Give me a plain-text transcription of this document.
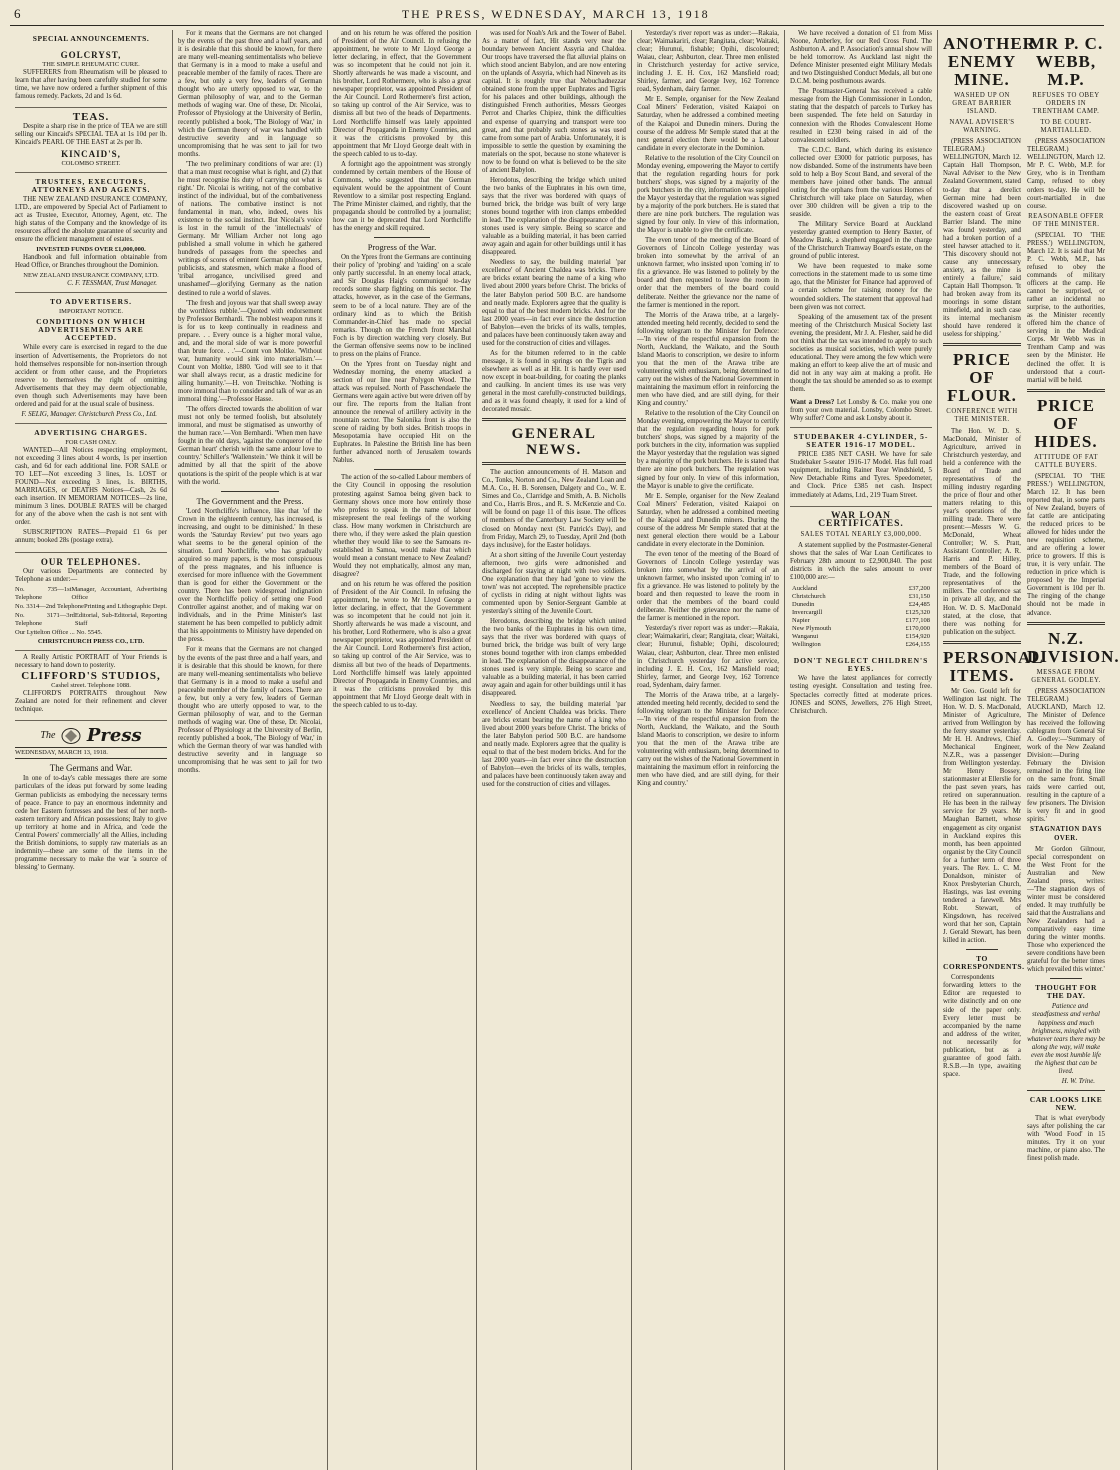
6	THE PRESS, WEDNESDAY, MARCH 13, 1918
SPECIAL ANNOUNCEMENTS.
GOLCRYST,
THE SIMPLE RHEUMATIC CURE.

SUFFERERS from Rheumatism will be pleased to learn that after having been carefully studied for some time, we have now ordered a further shipment of this famous remedy. Packets, 2d and 1s 6d.

TEAS.

Despite a sharp rise in the price of TEA we are still selling our Kincaid's SPECIAL TEA at 1s 10d per lb. Kincaid's PEARL OF THE EAST at 2s per lb.

KINCAID'S,
COLOMBO STREET.
TRUSTEES, EXECUTORS, ATTORNEYS AND AGENTS.

THE NEW ZEALAND INSURANCE COMPANY, LTD., are empowered by Special Act of Parliament to act as Trustee, Executor, Attorney, Agent, etc. The high status of the Company and the knowledge of its resources afford the absolute guarantee of security and ensure the efficient management of estates.

INVESTED FUNDS OVER £1,000,000.

Handbook and full information obtainable from Head Office, or Branches throughout the Dominion.

NEW ZEALAND INSURANCE COMPANY, LTD.
C. F. TESSMAN, Trust Manager.
TO ADVERTISERS.
IMPORTANT NOTICE.
CONDITIONS ON WHICH ADVERTISEMENTS ARE ACCEPTED.

While every care is exercised in regard to the due insertion of Advertisements, the Proprietors do not hold themselves responsible for non-insertion through accident or from other cause, and the Proprietors reserve to themselves the right of omitting Advertisements that they may deem objectionable, even though such Advertisements may have been ordered and paid for at the usual scale of business.

F. SELIG, Manager. Christchurch Press Co., Ltd.
ADVERTISING CHARGES.
FOR CASH ONLY.

WANTED—All Notices respecting employment, not exceeding 3 lines about 4 words, 1s per insertion cash, and 6d for each additional line. FOR SALE or TO LET—Not exceeding 3 lines, 1s. LOST or FOUND—Not exceeding 3 lines, 1s. BIRTHS, MARRIAGES, or DEATHS Notices—Cash, 2s 6d each insertion. IN MEMORIAM NOTICES—2s line, minimum 3 lines. DOUBLE RATES will be charged for any of the above when the cash is not sent with order.

SUBSCRIPTION RATES—Prepaid £1 6s per annum; booked 28s (postage extra).

OUR TELEPHONES.

Our various Departments are connected by Telephone as under:—

No. 735—1st Telephone
Manager, Accountant, Advertising Office
No. 3314—2nd Telephone Printing and Lithographic Dept.
No. 3171—3rd Telephone
Editorial, Sub-Editorial, Reporting Staff
Our Lyttelton Office ... No. 5545.
CHRISTCHURCH PRESS CO., LTD.

A Really Artistic PORTRAIT of Your Friends is necessary to hand down to posterity.

CLIFFORD'S STUDIOS,
Cashel street. Telephone 1088.

CLIFFORD'S PORTRAITS throughout New Zealand are noted for their refinement and clever technique.

The Press
WEDNESDAY, MARCH 13, 1918.
The Germans and War.

In one of to-day's cable messages there are some particulars of the ideas put forward by some leading German publicists as embodying the necessary terms of peace. France to pay an enormous indemnity and cede her Eastern fortresses and the best of her north-eastern territory and African possessions; Italy to give up territory at home and in Africa, and 'cede the Central Powers' commercially' all the Allies, including the British dominions, to supply raw materials as an indemnity—these are some of the items in the programme necessary to make the war 'a source of blessing' to Germany.

For it means that the Germans are not changed by the events of the past three and a half years, and it is desirable that this should be known, for there are many well-meaning sentimentalists who believe that Germany is in a mood to make a useful and peaceable member of the family of races. There are a few, but only a very few, leaders of German thought who are utterly opposed to war, to the German philosophy of war, and to the German methods of waging war. One of these, Dr. Nicolai, Professor of Physiology at the University of Berlin, recently published a book, 'The Biology of War,' in which the German theory of war was handled with destructive severity and in language so uncompromising that he was sent to jail for two months.

'The two preliminary conditions of war are: (1) that a man must recognise what is right, and (2) that he must recognise his duty of carrying out what is right.' Dr. Nicolai is writing, not of the combative instinct of the individual, but of the combativeness of nations. The combative instinct is not fundamental in man, who, indeed, owes his existence to the social instinct. But Nicolai's voice is lost in the tumult of the 'intellectuals' of Germany. Mr William Archer not long ago published a small volume in which he gathered hundreds of passages from the speeches and writings of scores of eminent German philosophers, publicists, and statesmen, which make a flood of 'tribal arrogance, uncivilised greed and unashamed'—glorifying Germany as the nation destined to rule a world of slaves.

'The fresh and joyous war that shall sweep away the worthless rubble.'—Quoted with endorsement by Professor Bernhardi. 'The noblest weapon runs it is for us to keep continually in readiness and prepare. . . Every ounce is a higher moral value, and, and the moral side of war is more powerful than brute force. . .'—Count von Moltke. 'Without war, humanity would sink into materialism.'—Count von Moltke, 1880. 'God will see to it that war shall always recur, as a drastic medicine for ailing humanity.'—H. von Treitschke. 'Nothing is more immoral than to consider and talk of war as an immoral thing.'—Professor Hasse.

'The offers directed towards the abolition of war must not only be termed foolish, but absolutely immoral, and must be stigmatised as unworthy of the human race.'—Von Bernhardi. 'When men have fought in the old days, 'against the conqueror of the German heart' cherish with the same ardour love to country.' Schiller's 'Wallenstein.' We think it will be admitted by all that the spirit of the above quotations is the spirit of the people which is at war with the world.

The Government and the Press.

'Lord Northcliffe's influence, like that 'of the Crown in the eighteenth century, has increased, is increasing, and ought to be diminished.' In these words the 'Saturday Review' put two years ago what seems to be the general opinion of the situation. Lord Northcliffe, who has gradually acquired so many papers, is the most conspicuous of the press magnates, and his influence is exercised for more influence with the Government than is good for either the Government or the country. There has been widespread indignation over the Northcliffe policy of setting one Food Controller against another, and of making war on individuals, and in the Prime Minister's last statement he has been compelled to publicly admit that his appointments to Ministry have depended on the press.

For it means that the Germans are not changed by the events of the past three and a half years, and it is desirable that this should be known, for there are many well-meaning sentimentalists who believe that Germany is in a mood to make a useful and peaceable member of the family of races. There are a few, but only a very few, leaders of German thought who are utterly opposed to war, to the German philosophy of war, and to the German methods of waging war. One of these, Dr. Nicolai, Professor of Physiology at the University of Berlin, recently published a book, 'The Biology of War,' in which the German theory of war was handled with destructive severity and in language so uncompromising that he was sent to jail for two months.

and on his return he was offered the position of President of the Air Council. In refusing the appointment, he wrote to Mr Lloyd George a letter declaring, in effect, that the Government was so incompetent that he could not join it. Shortly afterwards he was made a viscount, and his brother, Lord Rothermere, who is also a great newspaper proprietor, was appointed President of the Air Council. Lord Rothermere's first action, so taking up control of the Air Service, was to dismiss all but two of the heads of Departments. Lord Northcliffe himself was lately appointed Director of Propaganda in Enemy Countries, and it was the criticisms provoked by this appointment that Mr Lloyd George dealt with in the speech cabled to us to-day.

A fortnight ago the appointment was strongly condemned by certain members of the House of Commons, who suggested that the German equivalent would be the appointment of Count Reventlow to a similar post respecting England. The Prime Minister claimed, and rightly, that the propaganda should be controlled by a journalist; how can it be deprecated that Lord Northcliffe has the energy and skill required.

Progress of the War.

On the Ypres front the Germans are continuing their policy of 'probing' and 'raiding' on a scale only partly successful. In an enemy local attack, and Sir Douglas Haig's communiqué to-day records some sharp fighting on this sector. The attacks, however, as in the case of the Germans, seem to be of a local nature. They are of the ordinary kind as to which the British Commander-in-Chief has made no special remarks. Though on the French front Marshal Foch is by direction watching very closely. But the German offensive seems now to be inclined to press on the plains of France.

On the Ypres front on Tuesday night and Wednesday morning, the enemy attacked a section of our line near Polygon Wood. The attack was repulsed. North of Passchendaele the Germans were again active but were driven off by our fire. The reports from the Italian front announce the renewal of artillery activity in the mountain sector. The Salonika front is also the scene of raiding by both sides. British troops in Mesopotamia have occupied Hit on the Euphrates. In Palestine the British line has been further advanced north of Jerusalem towards Nablus.

The action of the so-called Labour members of the City Council in opposing the resolution protesting against Samoa being given back to Germany shows once more how entirely those who profess to speak in the name of labour misrepresent the real feelings of the working class. How many workmen in Christchurch are there who, if they were asked the plain question whether they would like to see the Samoans re-established in Samoa, would make that which would mean a constant menace to New Zealand? Would they not emphatically, almost any man, disagree?

and on his return he was offered the position of President of the Air Council. In refusing the appointment, he wrote to Mr Lloyd George a letter declaring, in effect, that the Government was so incompetent that he could not join it. Shortly afterwards he was made a viscount, and his brother, Lord Rothermere, who is also a great newspaper proprietor, was appointed President of the Air Council. Lord Rothermere's first action, so taking up control of the Air Service, was to dismiss all but two of the heads of Departments. Lord Northcliffe himself was lately appointed Director of Propaganda in Enemy Countries, and it was the criticisms provoked by this appointment that Mr Lloyd George dealt with in the speech cabled to us to-day.

was used for Noah's Ark and the Tower of Babel. As a matter of fact, Hit stands very near the boundary between Ancient Assyria and Chaldea. Our troops have traversed the flat alluvial plains on which stood ancient Babylon, and are now entering on the uplands of Assyria, which had Nineveh as its capital. It is roughly true that Nebuchadnezzar obtained stone from the upper Euphrates and Tigris for his palaces and other buildings, although the distinguished French authorities, Messrs Georges Perrot and Charles Chipiez, think the difficulties and expense of quarrying and transport were too great, and that probably such stones as was used came from some part of Arabia. Unfortunately, it is impossible to settle the question by examining the materials on the spot, because no stone whatever is now to be found on what is believed to be the site of ancient Babylon.

Herodotus, describing the bridge which united the two banks of the Euphrates in his own time, says that the river was bordered with quays of burned brick, the bridge was built of very large stones bound together with iron clamps embedded in lead. The explanation of the disappearance of the stones used is very simple. Being so scarce and valuable as a building material, it has been carried away again and again for other buildings until it has disappeared.

Needless to say, the building material 'par excellence' of Ancient Chaldea was bricks. There are bricks extant bearing the name of a king who lived about 2000 years before Christ. The bricks of the later Babylon period 500 B.C. are handsome and neatly made. Explorers agree that the quality is equal to that of the best modern bricks. And for the last 2000 years—in fact ever since the destruction of Babylon—even the bricks of its walls, temples, and palaces have been continuously taken away and used for the construction of cities and villages.

As for the bitumen referred to in the cable message, it is found in springs on the Tigris and elsewhere as well as at Hit. It is hardly ever used now except in boat-building, for coating the planks and caulking. In ancient times its use was very general in the most carefully-constructed buildings, and as it was found cheaply, it used for a kind of decorated mosaic.

GENERAL NEWS.

The auction announcements of H. Matson and Co., Tonks, Norton and Co., New Zealand Loan and M.A. Co., H. B. Sorensen, Dalgety and Co., W. E. Simes and Co., Clarridge and Smith, A. B. Nicholls and Co., Harris Bros., and R. S. McKenzie and Co. will be found on page 11 of this issue. The offices of members of the Canterbury Law Society will be closed on Monday next (St. Patrick's Day), and from Friday, March 29, to Tuesday, April 2nd (both days inclusive), for the Easter holidays.

At a short sitting of the Juvenile Court yesterday afternoon, two girls were admonished and discharged for staying at night with two soldiers. One explanation that they had 'gone to view the town' was not accepted. The reprehensible practice of cyclists in riding at night without lights was commented upon by Senior-Sergeant Gamble at yesterday's sitting of the Juvenile Court.

Herodotus, describing the bridge which united the two banks of the Euphrates in his own time, says that the river was bordered with quays of burned brick, the bridge was built of very large stones bound together with iron clamps embedded in lead. The explanation of the disappearance of the stones used is very simple. Being so scarce and valuable as a building material, it has been carried away again and again for other buildings until it has disappeared.

Needless to say, the building material 'par excellence' of Ancient Chaldea was bricks. There are bricks extant bearing the name of a king who lived about 2000 years before Christ. The bricks of the later Babylon period 500 B.C. are handsome and neatly made. Explorers agree that the quality is equal to that of the best modern bricks. And for the last 2000 years—in fact ever since the destruction of Babylon—even the bricks of its walls, temples, and palaces have been continuously taken away and used for the construction of cities and villages.

Yesterday's river report was as under:—Rakaia, clear; Waimakariri, clear; Rangitata, clear; Waitaki, clear; Hurunui, fishable; Opihi, discoloured; Waiau, clear; Ashburton, clear. Three men enlisted in Christchurch yesterday for active service, including J. E. H. Cox, 162 Mansfield road; Shirley, farmer, and George Ivey, 162 Torrence road, Sydenham, dairy farmer.

Mr E. Semple, organiser for the New Zealand Coal Miners' Federation, visited Kaiapoi on Saturday, when he addressed a combined meeting of the Kaiapoi and Dunedin miners. During the course of the address Mr Semple stated that at the next general election there would be a Labour candidate in every electorate in the Dominion.

Relative to the resolution of the City Council on Monday evening, empowering the Mayor to certify that the regulation regarding hours for pork butchers' shops, was signed by a majority of the pork butchers in the city, information was supplied the Mayor yesterday that the regulation was signed by a majority of the pork butchers. He is stated that there are nine pork butchers. The regulation was signed by four only. In view of this information, the Mayor is unable to give the certificate.

The even tenor of the meeting of the Board of Governors of Lincoln College yesterday was broken into somewhat by the arrival of an unknown farmer, who insisted upon 'coming in' to fix a grievance. He was listened to politely by the board and then requested to leave the room in order that the members of the board could deliberate. Neither the grievance nor the name of the farmer is mentioned in the report.

The Morris of the Arawa tribe, at a largely-attended meeting held recently, decided to send the following telegram to the Minister for Defence:—'In view of the respectful expansion from the North, Auckland, the Waikato, and the South Island Maoris to conscription, we desire to inform you that the men of the Arawa tribe are volunteering with enthusiasm, being determined to carry out the wishes of the National Government in maintaining the maximum effort in reinforcing the men who have died, and are still dying, for their King and country.'

Relative to the resolution of the City Council on Monday evening, empowering the Mayor to certify that the regulation regarding hours for pork butchers' shops, was signed by a majority of the pork butchers in the city, information was supplied the Mayor yesterday that the regulation was signed by a majority of the pork butchers. He is stated that there are nine pork butchers. The regulation was signed by four only. In view of this information, the Mayor is unable to give the certificate.

Mr E. Semple, organiser for the New Zealand Coal Miners' Federation, visited Kaiapoi on Saturday, when he addressed a combined meeting of the Kaiapoi and Dunedin miners. During the course of the address Mr Semple stated that at the next general election there would be a Labour candidate in every electorate in the Dominion.

The even tenor of the meeting of the Board of Governors of Lincoln College yesterday was broken into somewhat by the arrival of an unknown farmer, who insisted upon 'coming in' to fix a grievance. He was listened to politely by the board and then requested to leave the room in order that the members of the board could deliberate. Neither the grievance nor the name of the farmer is mentioned in the report.

Yesterday's river report was as under:—Rakaia, clear; Waimakariri, clear; Rangitata, clear; Waitaki, clear; Hurunui, fishable; Opihi, discoloured; Waiau, clear; Ashburton, clear. Three men enlisted in Christchurch yesterday for active service, including J. E. H. Cox, 162 Mansfield road; Shirley, farmer, and George Ivey, 162 Torrence road, Sydenham, dairy farmer.

The Morris of the Arawa tribe, at a largely-attended meeting held recently, decided to send the following telegram to the Minister for Defence:—'In view of the respectful expansion from the North, Auckland, the Waikato, and the South Island Maoris to conscription, we desire to inform you that the men of the Arawa tribe are volunteering with enthusiasm, being determined to carry out the wishes of the National Government in maintaining the maximum effort in reinforcing the men who have died, and are still dying, for their King and country.'

We have received a donation of £1 from Miss Noone, Amberley, for our Red Cross Fund. The Ashburton A. and P. Association's annual show will be held tomorrow. As Auckland last night the Defence Minister presented eight Military Medals and two Distinguished Conduct Medals, all but one D.C.M. being posthumous awards.

The Postmaster-General has received a cable message from the High Commissioner in London, stating that the despatch of parcels to Turkey has been suspended. The fete held on Saturday in connexion with the Rhodes Convalescent Home resulted in £230 being raised in aid of the convalescent soldiers.

The C.D.C. Band, which during its existence collected over £3000 for patriotic purposes, has now disbanded. Some of the instruments have been sold to help a Boy Scout Band, and several of the members have joined other bands. The annual outing for the orphans from the various Homes of Christchurch will take place on Saturday, when over 300 children will be given a trip to the seaside.

The Military Service Board at Auckland yesterday granted exemption to Henry Baxter, of Meadow Bank, a shepherd engaged in the charge of the Christchurch Tramway Board's estate, on the ground of public interest.

We have been requested to make some corrections in the statement made to us some time ago, that the Minister for Finance had approved of a certain scheme for raising money for the wounded soldiers. The statement that approval had been given was not correct.

Speaking of the amusement tax of the present meeting of the Christchurch Musical Society last evening, the president, Mr J. A. Flesher, said he did not think that the tax was intended to apply to such societies as musical societies, which were purely educational. They were among the few which were making an effort to keep alive the art of music and did not in any way aim at making a profit. He thought the tax should be amended so as to exempt them.

Want a Dress? Let Lonsby & Co. make you one from your own material. Lonsby, Colombo Street. Why suffer? Come and ask Lonsby about it.
STUDEBAKER 4-CYLINDER, 5-SEATER 1916-17 MODEL.

PRICE £385 NET CASH. We have for sale Studebaker 5-seater 1916-17 Model. Has full road equipment, including Rainer Rear Windshield, 5 New Detachable Rims and Tyres. Speedometer, and Clock. Price £385 net cash. Inspect immediately at Adams, Ltd., 219 Tuam Street.

WAR LOAN CERTIFICATES.
SALES TOTAL NEARLY £3,000,000.

A statement supplied by the Postmaster-General shows that the sales of War Loan Certificates to February 28th amount to £2,900,840. The post districts in which the sales amount to over £100,000 are:—

Auckland	£37,200
Christchurch	£31,150
Dunedin	£24,485
Invercargill	£125,320
Napier	£177,108
New Plymouth	£170,000
Wanganui	£154,920
Wellington	£264,155
DON'T NEGLECT CHILDREN'S EYES.

We have the latest appliances for correctly testing eyesight. Consultation and testing free. Spectacles correctly fitted at moderate prices. JONES and SONS, Jewellers, 276 High Street, Christchurch.

ANOTHER ENEMY MINE.
WASHED UP ON GREAT BARRIER ISLAND.
NAVAL ADVISER'S WARNING.

(PRESS ASSOCIATION TELEGRAM.) WELLINGTON, March 12. Captain Hall Thompson, Naval Adviser to the New Zealand Government, stated to-day that a derelict German mine had been discovered washed up on the eastern coast of Great Barrier Island. The mine was found yesterday, and had a broken portion of a steel hawser attached to it. 'This discovery should not cause any unnecessary anxiety, as the mine is entirely a failure,' said Captain Hall Thompson. 'It had broken away from its moorings in some distant minefield, and in such case its internal mechanism should have rendered it useless for shipping.'

PRICE OF FLOUR.
CONFERENCE WITH THE MINISTER.

The Hon. W. D. S. MacDonald, Minister of Agriculture, arrived in Christchurch yesterday, and held a conference with the Board of Trade and representatives of the milling industry regarding the price of flour and other matters relating to this year's operations of the milling trade. There were present:—Messrs W. G. McDonald, Wheat Controller; W. S. Pratt, Assistant Controller; A. R. Harris and P. Hilley, members of the Board of Trade, and the following representatives of the millers. The conference sat in private all day, and the Hon. W. D. S. MacDonald stated, at the close, that there was nothing for publication on the subject.

PERSONAL ITEMS.

Mr Geo. Gould left for Wellington last night. The Hon. W. D. S. MacDonald, Minister of Agriculture, arrived from Wellington by the ferry steamer yesterday. Mr H. H. Andrews, Chief Mechanical Engineer, N.Z.R., was a passenger from Wellington yesterday. Mr Henry Bossey, stationmaster at Ellerslie for the past seven years, has retired on superannuation. He has been in the railway service for 29 years. Mr Maughan Barnett, whose engagement as city organist in Auckland expires this month, has been appointed organist by the City Council for a further term of three years. The Rev. L. C. M. Donaldson, minister of Knox Presbyterian Church, Hastings, was last evening tendered a farewell. Mrs Robt. Stewart, of Kingsdown, has received word that her son, Captain J. Gerald Stewart, has been killed in action.

TO CORRESPONDENTS.

Correspondents forwarding letters to the Editor are requested to write distinctly and on one side of the paper only. Every letter must be accompanied by the name and address of the writer, not necessarily for publication, but as a guarantee of good faith. R.S.B.—In type, awaiting space.

MR P. C. WEBB, M.P.
REFUSES TO OBEY ORDERS IN TRENTHAM CAMP.
TO BE COURT-MARTIALLED.

(PRESS ASSOCIATION TELEGRAM.) WELLINGTON, March 12. Mr P. C. Webb, M.P. for Grey, who is in Trentham Camp, refused to obey orders to-day. He will be court-martialled in due course.

REASONABLE OFFER OF THE MINISTER.

(SPECIAL TO 'THE PRESS.') WELLINGTON, March 12. It is said that Mr P. C. Webb, M.P., has refused to obey the commands of military officers at the camp. He cannot be surprised, or rather an incidental no surprise, to the authorities, as the Minister recently offered him the chance of serving in the Medical Corps. Mr Webb was in Trentham Camp and was seen by the Minister. He declined the offer. It is understood that a court-martial will be held.

PRICE OF HIDES.
ATTITUDE OF FAT CATTLE BUYERS.

(SPECIAL TO 'THE PRESS.') WELLINGTON, March 12. It has been reported that, in some parts of New Zealand, buyers of fat cattle are anticipating the reduced prices to be allowed for hides under the new requisition scheme, and are offering a lower price to growers. If this is true, it is very unfair. The reduction in price which is proposed by the Imperial Government is 10d per lb. The ringing of the change should not be made in advance.

N.Z. DIVISION.
MESSAGE FROM GENERAL GODLEY.

(PRESS ASSOCIATION TELEGRAM.) AUCKLAND, March 12. The Minister of Defence has received the following cablegram from General Sir A. Godley:—'Summary of work of the New Zealand Division:—During February the Division remained in the firing line on the same front. Small raids were carried out, resulting in the capture of a few prisoners. The Division is very fit and in good spirits.'

STAGNATION DAYS OVER.

Mr Gordon Gilmour, special correspondent on the West Front for the Australian and New Zealand press, writes:—'The stagnation days of winter must be considered ended. It may truthfully be said that the Australians and New Zealanders had a comparatively easy time during the winter months. Those who experienced the severe conditions have been grateful for the better times which prevailed this winter.'

THOUGHT FOR THE DAY.

Patience and steadfastness and verbal happiness and much brightness, mingled with whatever tears there may be along the way, will make even the most humble life the highest that can be lived.

H. W. Trine.
CAR LOOKS LIKE NEW.

That is what everybody says after polishing the car with 'Wood Food' in 15 minutes. Try it on your machine, or piano also. The finest polish made.
